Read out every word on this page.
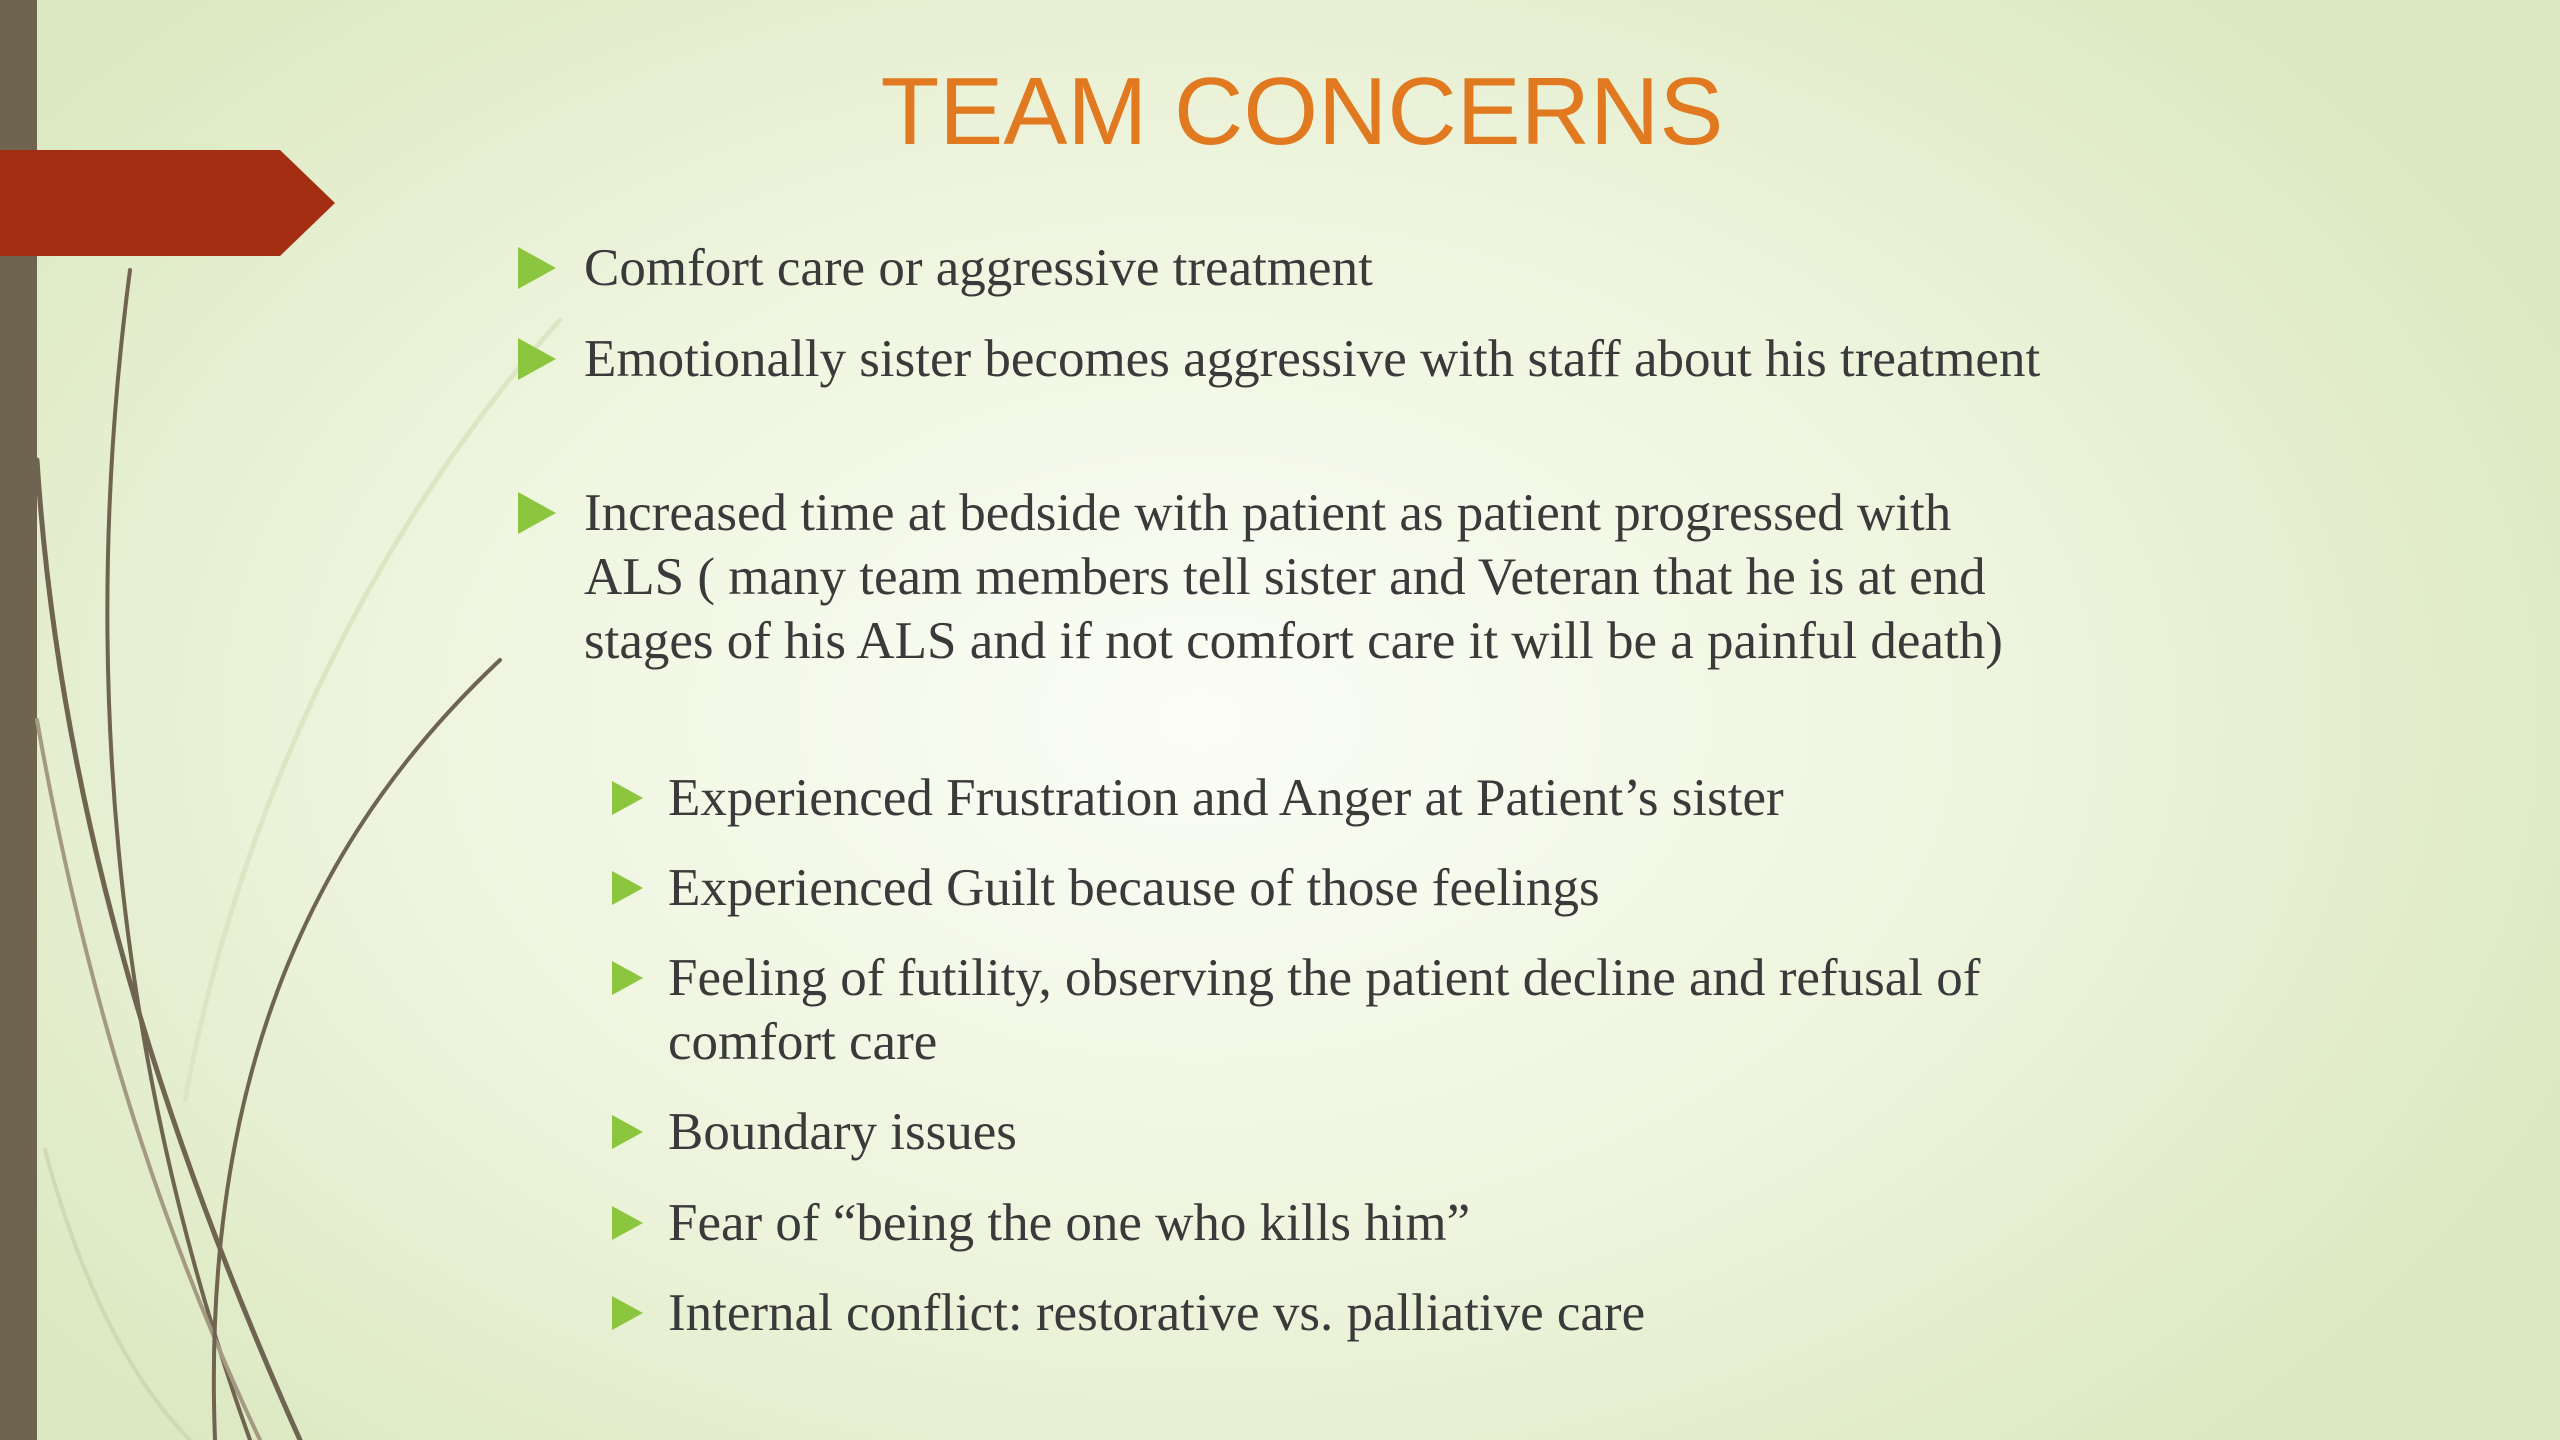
TEAM CONCERNS
Comfort care or aggressive treatment
Emotionally sister becomes aggressive with staff about his treatment
Increased time at bedside with patient as patient progressed with ALS ( many team members tell sister and Veteran that he is at end stages of his ALS and if not comfort care it will be a painful death)
Experienced Frustration and Anger at Patient’s sister
Experienced Guilt because of those feelings
Feeling of futility, observing the patient decline and refusal of comfort care
Boundary issues
Fear of “being the one who kills him”
Internal conflict: restorative vs. palliative care
